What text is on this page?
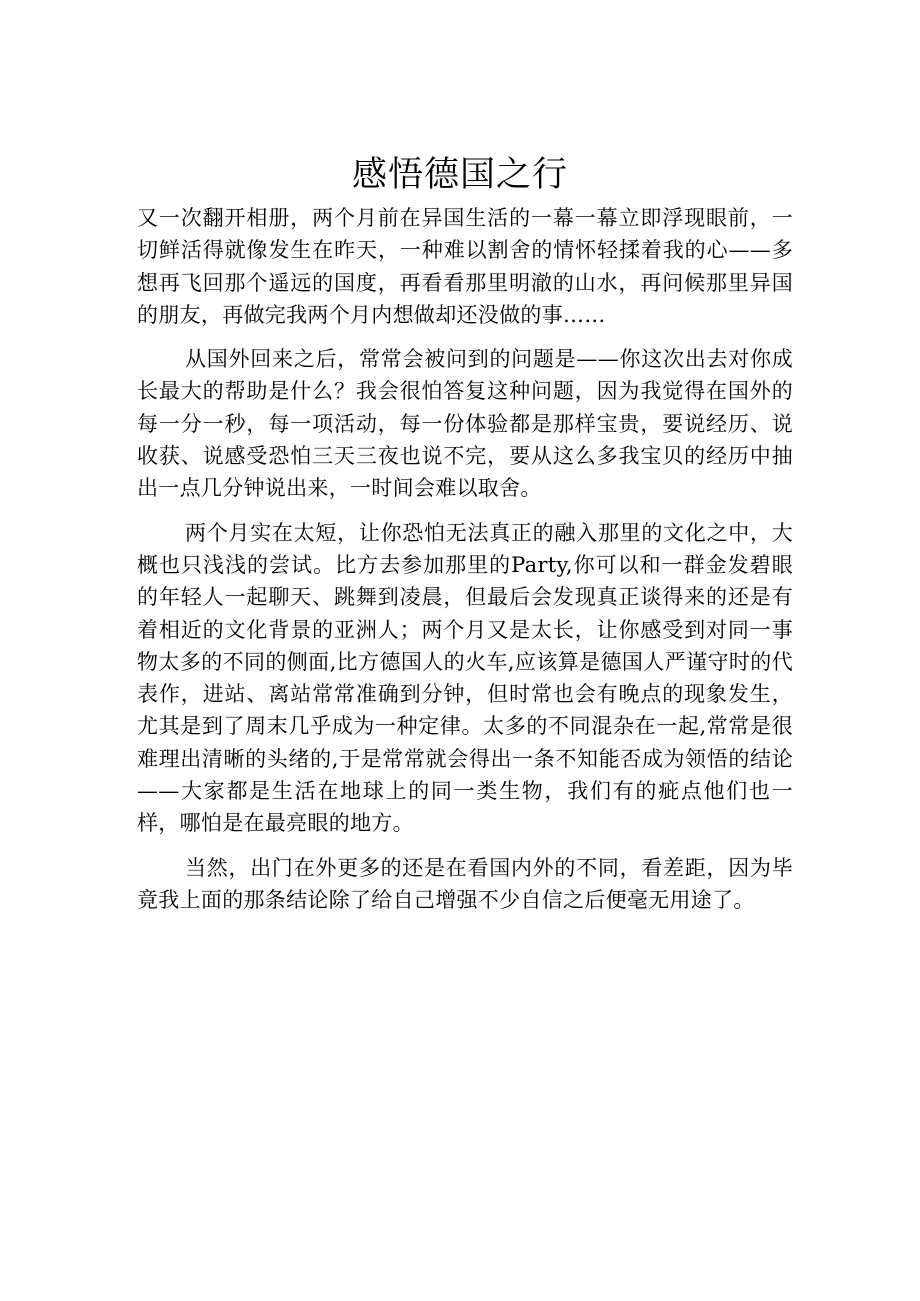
感悟德国之行

又一次翻开相册，两个月前在异国生活的一幕一幕立即浮现眼前，一切鲜活得就像发生在昨天，一种难以割舍的情怀轻揉着我的心——多想再飞回那个遥远的国度，再看看那里明澈的山水，再问候那里异国的朋友，再做完我两个月内想做却还没做的事……

从国外回来之后，常常会被问到的问题是——你这次出去对你成长最大的帮助是什么？我会很怕答复这种问题，因为我觉得在国外的每一分一秒，每一项活动，每一份体验都是那样宝贵，要说经历、说收获、说感受恐怕三天三夜也说不完，要从这么多我宝贝的经历中抽出一点几分钟说出来，一时间会难以取舍。

两个月实在太短，让你恐怕无法真正的融入那里的文化之中，大概也只浅浅的尝试。比方去参加那里的Party,你可以和一群金发碧眼的年轻人一起聊天、跳舞到凌晨，但最后会发现真正谈得来的还是有着相近的文化背景的亚洲人；两个月又是太长，让你感受到对同一事物太多的不同的侧面,比方德国人的火车,应该算是德国人严谨守时的代表作，进站、离站常常准确到分钟，但时常也会有晚点的现象发生，尤其是到了周末几乎成为一种定律。太多的不同混杂在一起,常常是很难理出清晰的头绪的,于是常常就会得出一条不知能否成为领悟的结论——大家都是生活在地球上的同一类生物，我们有的疵点他们也一样，哪怕是在最亮眼的地方。

当然，出门在外更多的还是在看国内外的不同，看差距，因为毕竟我上面的那条结论除了给自己增强不少自信之后便毫无用途了。
